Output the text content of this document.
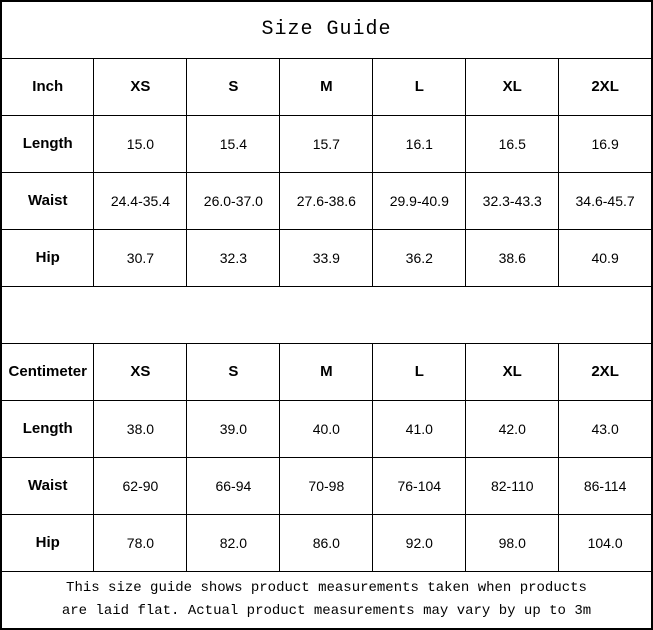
Size Guide						
Inch	XS	S	M	L	XL	2XL
Length	15.0	15.4	15.7	16.1	16.5	16.9
Waist	24.4-35.4	26.0-37.0	27.6-38.6	29.9-40.9	32.3-43.3	34.6-45.7
Hip	30.7	32.3	33.9	36.2	38.6	40.9

Centimeter	XS	S	M	L	XL	2XL
Length	38.0	39.0	40.0	41.0	42.0	43.0
Waist	62-90	66-94	70-98	76-104	82-110	86-114
Hip	78.0	82.0	86.0	92.0	98.0	104.0

This size guide shows product measurements taken when products are laid flat. Actual product measurements may vary by up to 3m						
